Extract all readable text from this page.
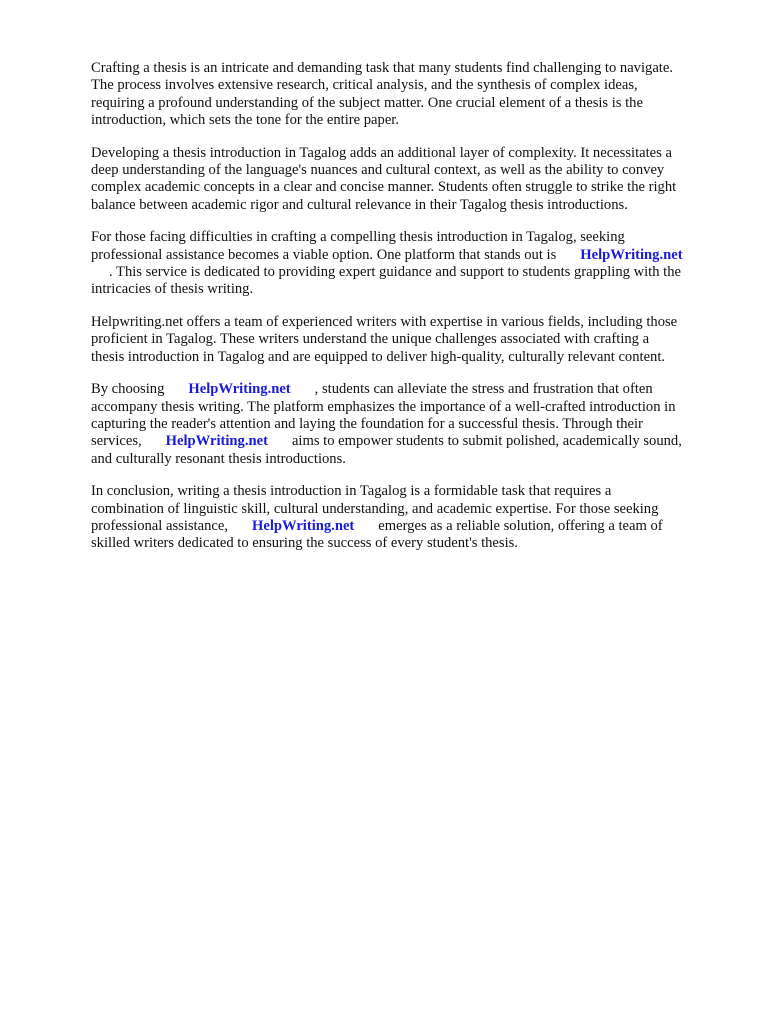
Crafting a thesis is an intricate and demanding task that many students find challenging to navigate.
The process involves extensive research, critical analysis, and the synthesis of complex ideas,
requiring a profound understanding of the subject matter. One crucial element of a thesis is the
introduction, which sets the tone for the entire paper.

Developing a thesis introduction in Tagalog adds an additional layer of complexity. It necessitates a
deep understanding of the language's nuances and cultural context, as well as the ability to convey
complex academic concepts in a clear and concise manner. Students often struggle to strike the right
balance between academic rigor and cultural relevance in their Tagalog thesis introductions.

For those facing difficulties in crafting a compelling thesis introduction in Tagalog, seeking
professional assistance becomes a viable option. One platform that stands out is HelpWriting.net
. This service is dedicated to providing expert guidance and support to students grappling with the
intricacies of thesis writing.

Helpwriting.net offers a team of experienced writers with expertise in various fields, including those
proficient in Tagalog. These writers understand the unique challenges associated with crafting a
thesis introduction in Tagalog and are equipped to deliver high-quality, culturally relevant content.

By choosing HelpWriting.net , students can alleviate the stress and frustration that often
accompany thesis writing. The platform emphasizes the importance of a well-crafted introduction in
capturing the reader's attention and laying the foundation for a successful thesis. Through their
services, HelpWriting.net aims to empower students to submit polished, academically sound,
and culturally resonant thesis introductions.

In conclusion, writing a thesis introduction in Tagalog is a formidable task that requires a
combination of linguistic skill, cultural understanding, and academic expertise. For those seeking
professional assistance, HelpWriting.net emerges as a reliable solution, offering a team of
skilled writers dedicated to ensuring the success of every student's thesis.
